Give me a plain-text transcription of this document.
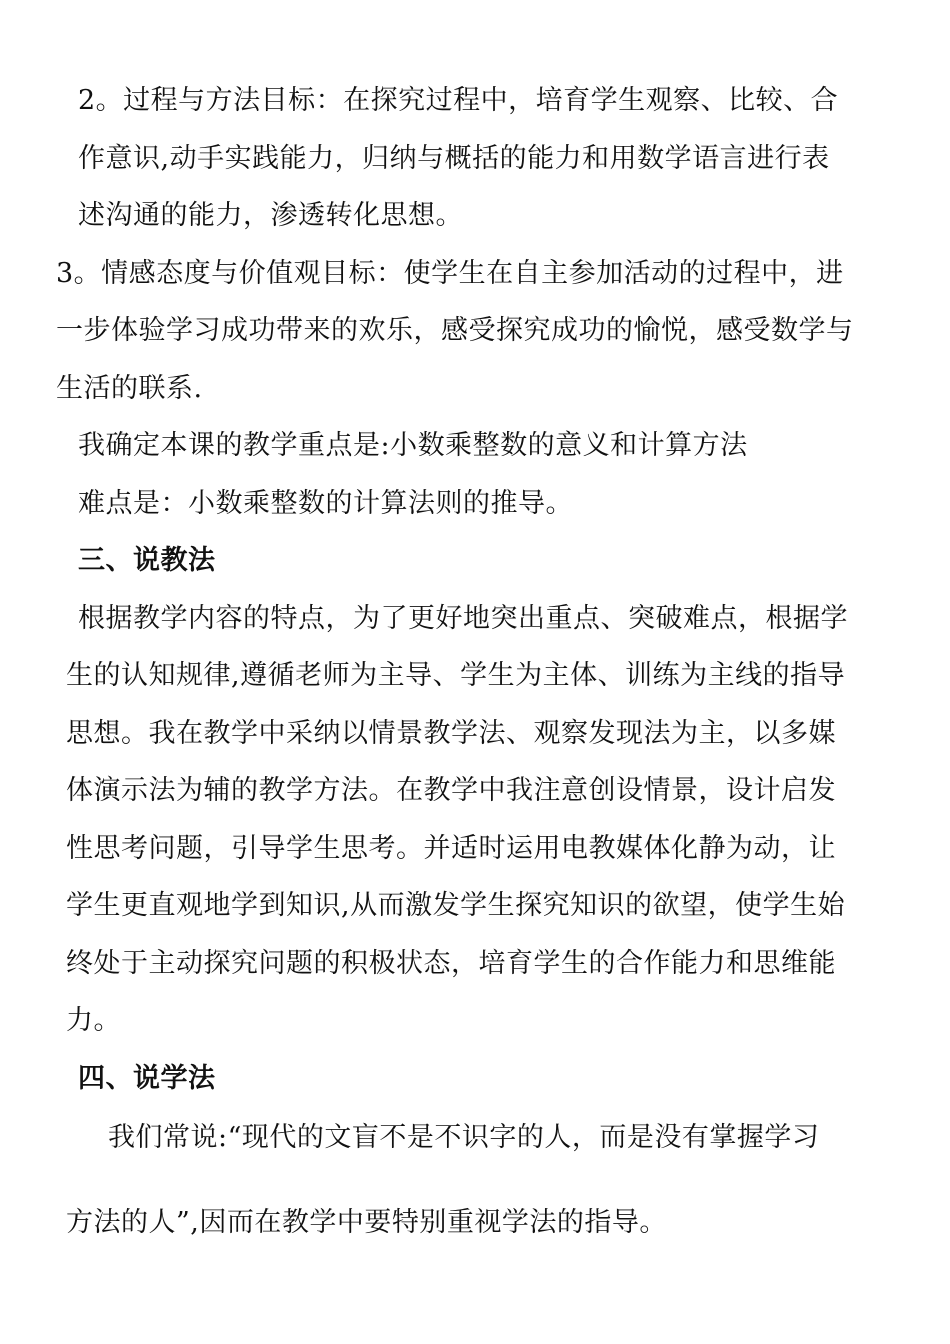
2。过程与方法目标：在探究过程中，培育学生观察、比较、合
作意识,动手实践能力，归纳与概括的能力和用数学语言进行表
述沟通的能力，渗透转化思想。
3。情感态度与价值观目标：使学生在自主参加活动的过程中，进
一步体验学习成功带来的欢乐，感受探究成功的愉悦，感受数学与
生活的联系.
我确定本课的教学重点是:小数乘整数的意义和计算方法
难点是：小数乘整数的计算法则的推导。
三、说教法
根据教学内容的特点，为了更好地突出重点、突破难点，根据学
生的认知规律,遵循老师为主导、学生为主体、训练为主线的指导
思想。我在教学中采纳以情景教学法、观察发现法为主，以多媒
体演示法为辅的教学方法。在教学中我注意创设情景，设计启发
性思考问题，引导学生思考。并适时运用电教媒体化静为动，让
学生更直观地学到知识,从而激发学生探究知识的欲望，使学生始
终处于主动探究问题的积极状态，培育学生的合作能力和思维能
力。
四、说学法
我们常说:“现代的文盲不是不识字的人，而是没有掌握学习
方法的人”,因而在教学中要特别重视学法的指导。
